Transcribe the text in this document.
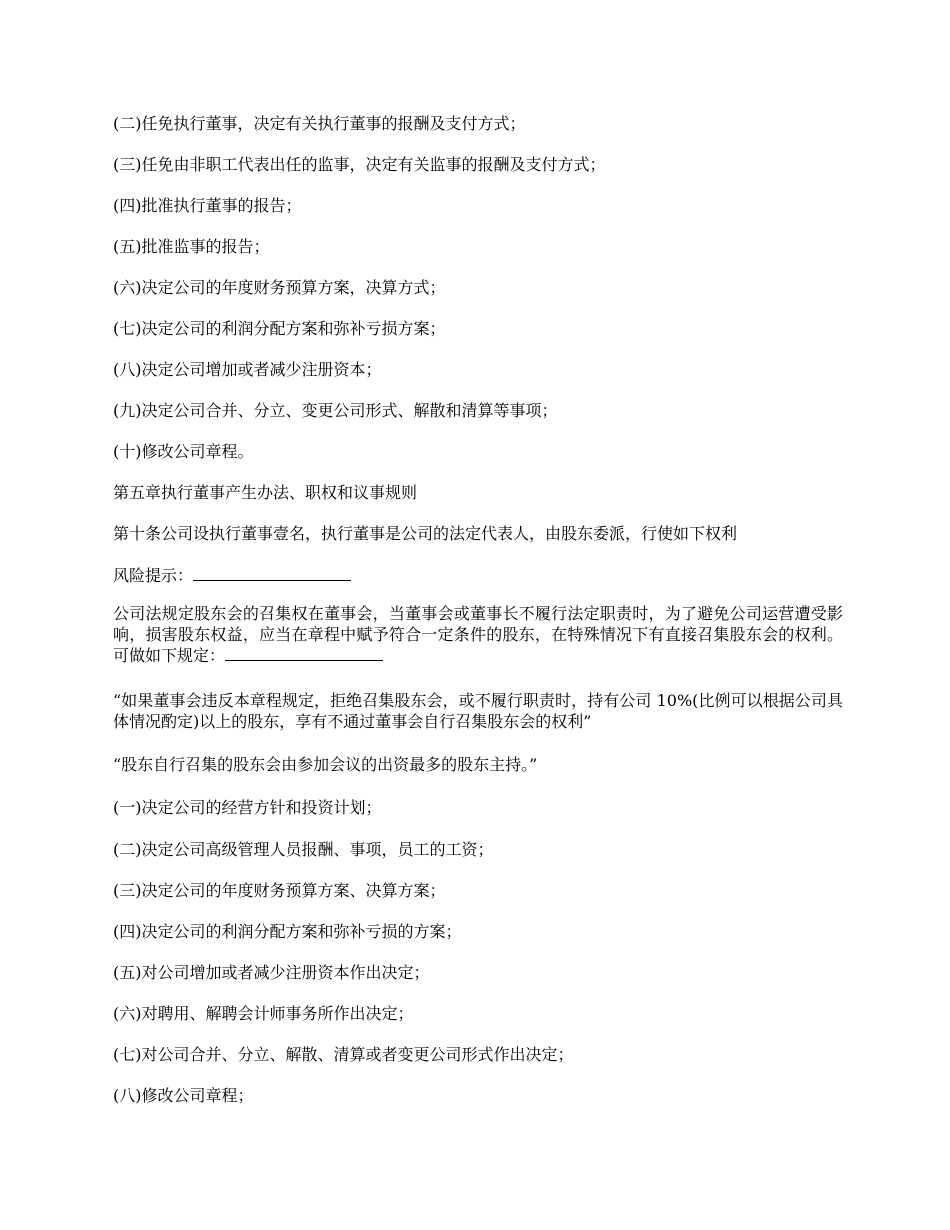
(二)任免执行董事，决定有关执行董事的报酬及支付方式；
(三)任免由非职工代表出任的监事，决定有关监事的报酬及支付方式；
(四)批准执行董事的报告；
(五)批准监事的报告；
(六)决定公司的年度财务预算方案，决算方式；
(七)决定公司的利润分配方案和弥补亏损方案；
(八)决定公司增加或者减少注册资本；
(九)决定公司合并、分立、变更公司形式、解散和清算等事项；
(十)修改公司章程。
第五章执行董事产生办法、职权和议事规则
第十条公司设执行董事壹名，执行董事是公司的法定代表人，由股东委派，行使如下权利
风险提示：
公司法规定股东会的召集权在董事会，当董事会或董事长不履行法定职责时，为了避免公司运营遭受影响，损害股东权益，应当在章程中赋予符合一定条件的股东，在特殊情况下有直接召集股东会的权利。可做如下规定：
“如果董事会违反本章程规定，拒绝召集股东会，或不履行职责时，持有公司 10%(比例可以根据公司具体情况酌定)以上的股东，享有不通过董事会自行召集股东会的权利”
“股东自行召集的股东会由参加会议的出资最多的股东主持。”
(一)决定公司的经营方针和投资计划；
(二)决定公司高级管理人员报酬、事项，员工的工资；
(三)决定公司的年度财务预算方案、决算方案；
(四)决定公司的利润分配方案和弥补亏损的方案；
(五)对公司增加或者减少注册资本作出决定；
(六)对聘用、解聘会计师事务所作出决定；
(七)对公司合并、分立、解散、清算或者变更公司形式作出决定；
(八)修改公司章程；
